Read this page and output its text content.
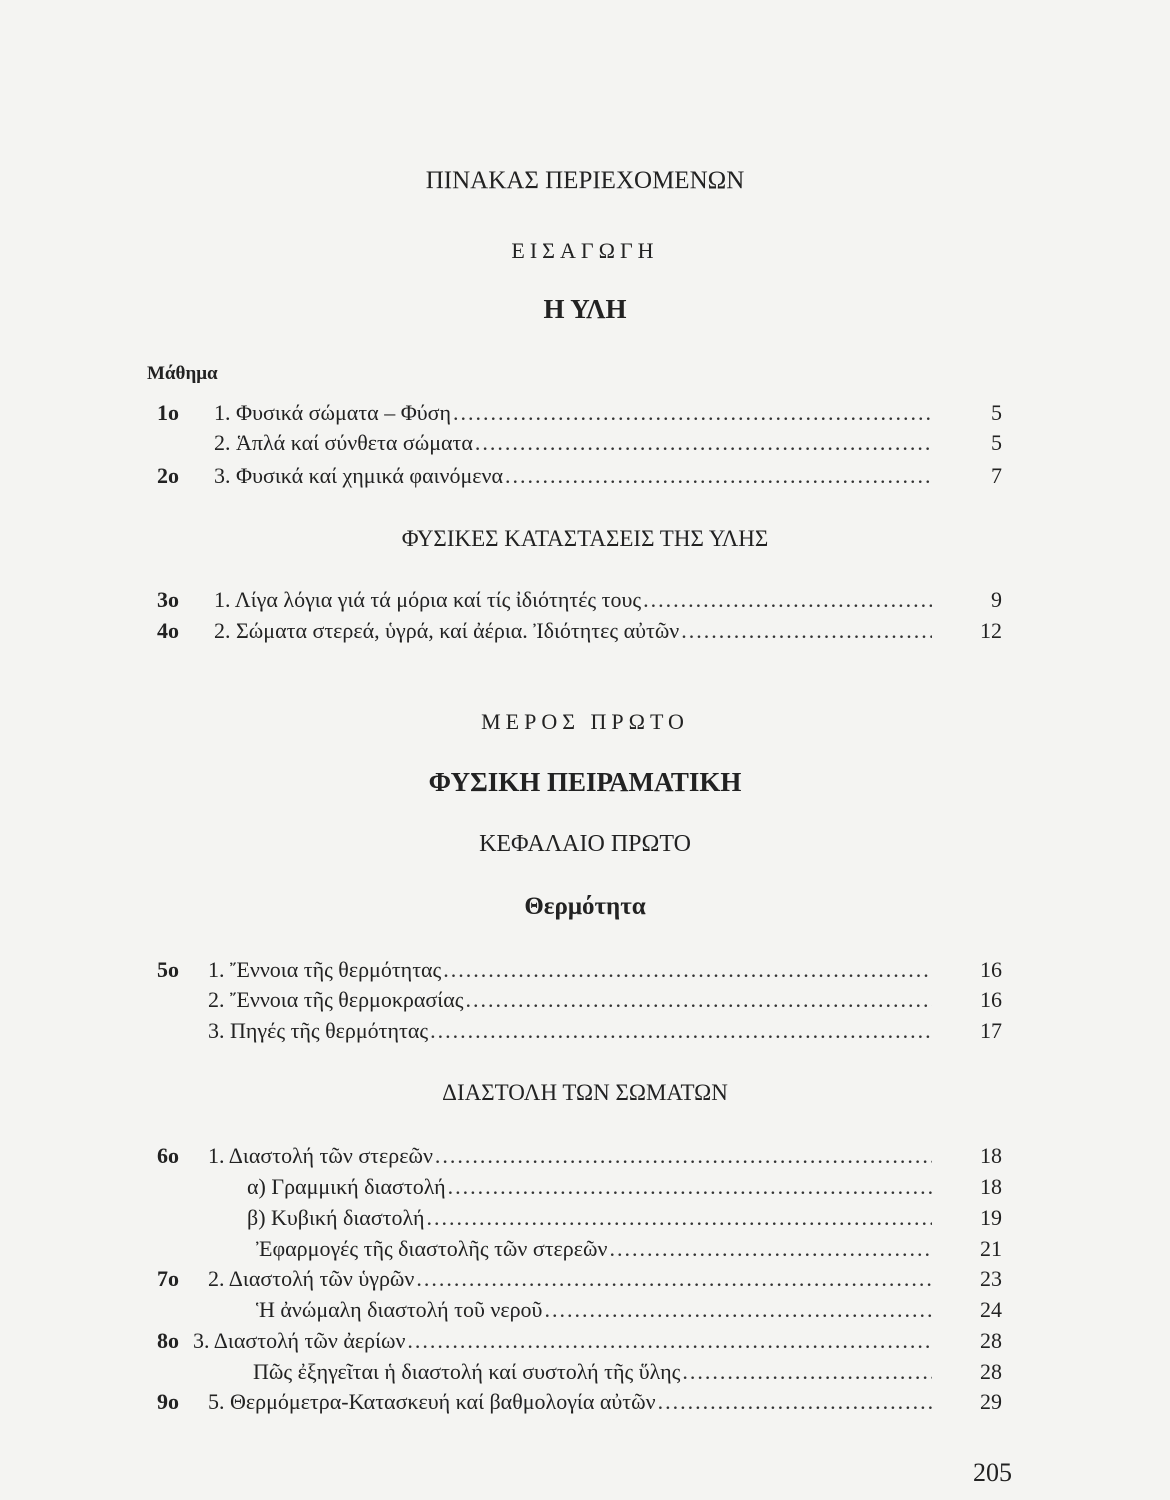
ΠΙΝΑΚΑΣ ΠΕΡΙΕΧΟΜΕΝΩΝ
ΕΙΣΑΓΩΓΗ
Η ΥΛΗ
Μάθημα
1ο	1. Φυσικά σώματα – Φύση .....	5
2. Ἁπλά καί σύνθετα σώματα .....	5
2ο	3. Φυσικά καί χημικά φαινόμενα .....	7
ΦΥΣΙΚΕΣ ΚΑΤΑΣΤΑΣΕΙΣ ΤΗΣ ΥΛΗΣ
3ο	1. Λίγα λόγια γιά τά μόρια καί τίς ἰδιότητές τους .....	9
4ο	2. Σώματα στερεά, ὑγρά, καί ἀέρια. Ἰδιότητες αὐτῶν .....	12
ΜΕΡΟΣ ΠΡΩΤΟ
ΦΥΣΙΚΗ ΠΕΙΡΑΜΑΤΙΚΗ
ΚΕΦΑΛΑΙΟ ΠΡΩΤΟ
Θερμότητα
5ο	1. Ἔννοια τῆς θερμότητας .....	16
2. Ἔννοια τῆς θερμοκρασίας .....	16
3. Πηγές τῆς θερμότητας .....	17
ΔΙΑΣΤΟΛΗ ΤΩΝ ΣΩΜΑΤΩΝ
6ο	1. Διαστολή τῶν στερεῶν .....	18
α) Γραμμική διαστολή .....	18
β) Κυβική διαστολή .....	19
Ἐφαρμογές τῆς διαστολῆς τῶν στερεῶν .....	21
7ο	2. Διαστολή τῶν ὑγρῶν .....	23
Ἡ ἀνώμαλη διαστολή τοῦ νεροῦ .....	24
8ο 3. Διαστολή τῶν ἀερίων .....	28
Πῶς ἐξηγεῖται ἡ διαστολή καί συστολή τῆς ὕλης .....	28
9ο	5. Θερμόμετρα-Κατασκευή καί βαθμολογία αὐτῶν .....	29
205
